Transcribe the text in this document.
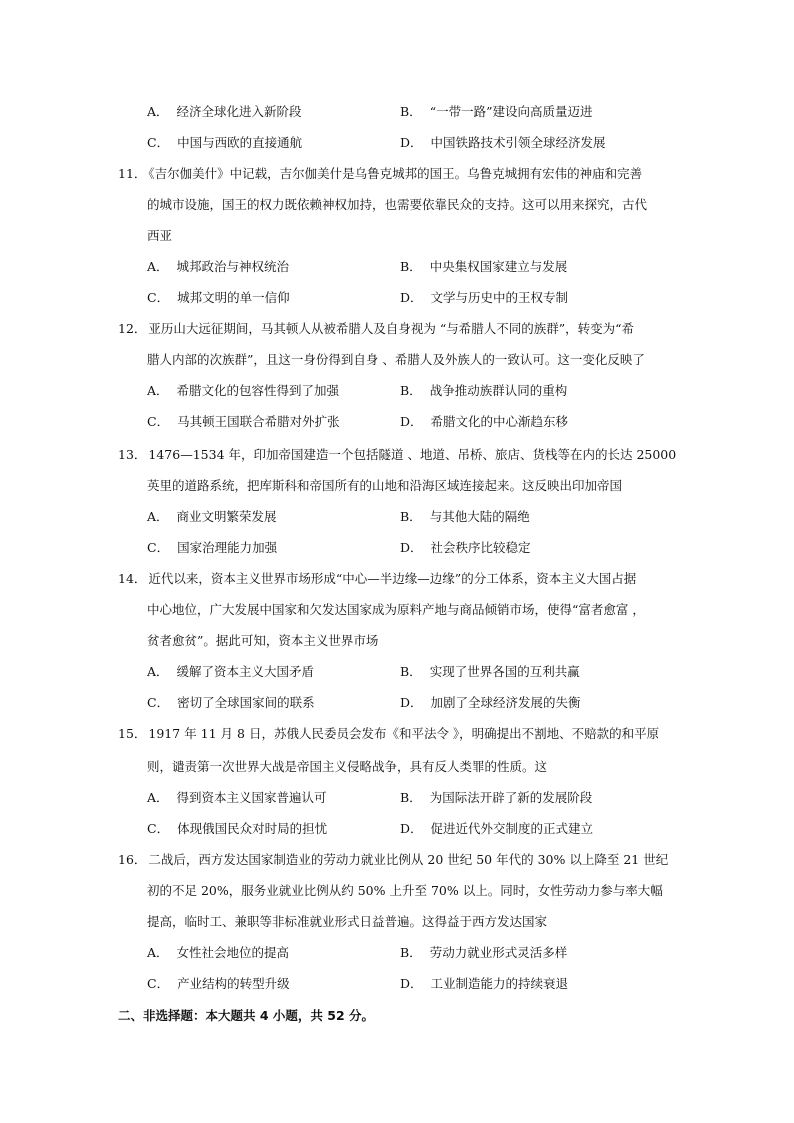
A． 经济全球化进入新阶段	B． “一带一路”建设向高质量迈进
C． 中国与西欧的直接通航	D． 中国铁路技术引领全球经济发展
11． 《吉尔伽美什》中记载，吉尔伽美什是乌鲁克城邦的国王。乌鲁克城拥有宏伟的神庙和完善
的城市设施，国王的权力既依赖神权加持，也需要依靠民众的支持。这可以用来探究，古代
西亚
A． 城邦政治与神权统治	B． 中央集权国家建立与发展
C． 城邦文明的单一信仰	D． 文学与历史中的王权专制
12． 亚历山大远征期间，马其顿人从被希腊人及自身视为 “与希腊人不同的族群”，转变为“希
腊人内部的次族群”，且这一身份得到自身 、希腊人及外族人的一致认可。这一变化反映了
A． 希腊文化的包容性得到了加强	B． 战争推动族群认同的重构
C． 马其顿王国联合希腊对外扩张	D． 希腊文化的中心渐趋东移
13． 1476—1534 年，印加帝国建造一个包括隧道 、地道、吊桥、旅店、货栈等在内的长达 25000
英里的道路系统，把库斯科和帝国所有的山地和沿海区域连接起来。这反映出印加帝国
A． 商业文明繁荣发展	B． 与其他大陆的隔绝
C． 国家治理能力加强	D． 社会秩序比较稳定
14． 近代以来，资本主义世界市场形成“中心—半边缘—边缘”的分工体系，资本主义大国占据
中心地位，广大发展中国家和欠发达国家成为原料产地与商品倾销市场，使得“富者愈富 ，
贫者愈贫”。据此可知，资本主义世界市场
A． 缓解了资本主义大国矛盾	B． 实现了世界各国的互利共赢
C． 密切了全球国家间的联系	D． 加剧了全球经济发展的失衡
15． 1917 年 11 月 8 日，苏俄人民委员会发布《和平法令 》，明确提出不割地、不赔款的和平原
则，谴责第一次世界大战是帝国主义侵略战争，具有反人类罪的性质。这
A． 得到资本主义国家普遍认可	B． 为国际法开辟了新的发展阶段
C． 体现俄国民众对时局的担忧	D． 促进近代外交制度的正式建立
16． 二战后，西方发达国家制造业的劳动力就业比例从 20 世纪 50 年代的 30% 以上降至 21 世纪
初的不足 20%，服务业就业比例从约 50% 上升至 70% 以上。同时，女性劳动力参与率大幅
提高，临时工、兼职等非标准就业形式日益普遍。这得益于西方发达国家
A． 女性社会地位的提高	B． 劳动力就业形式灵活多样
C． 产业结构的转型升级	D． 工业制造能力的持续衰退
二、非选择题：本大题共 4 小题，共 52 分。
